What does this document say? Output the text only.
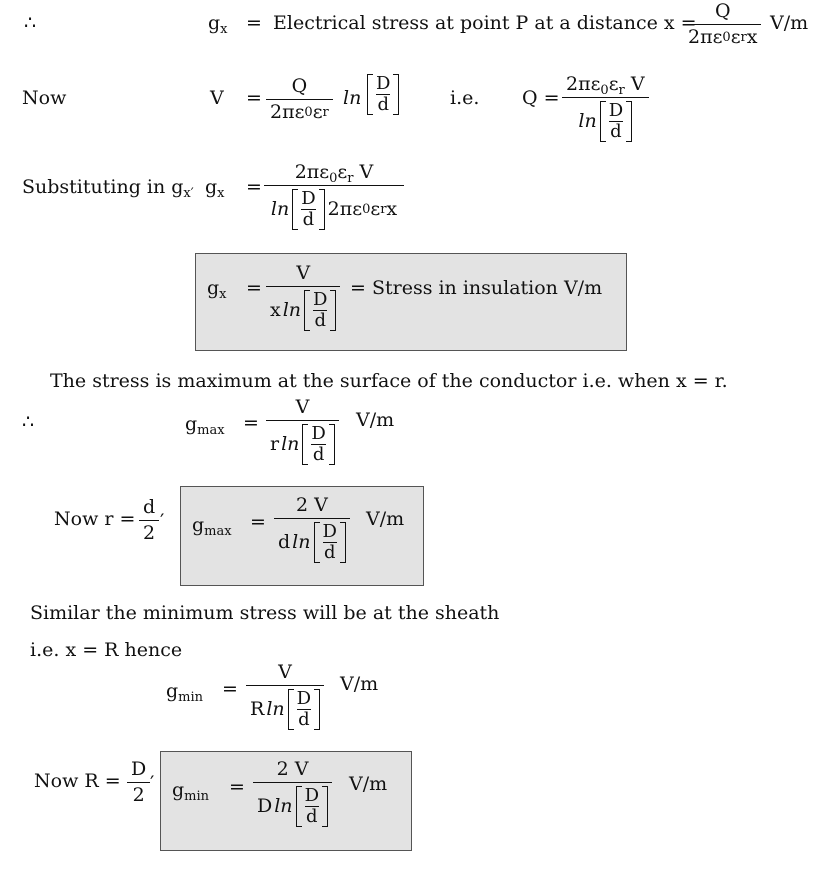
∴	$g_x$ = Electrical stress at point P at a distance x =
Q
2πε 0 ε r x
V/m
Now	V =
Q
2πε 0 ε r
ln
D
d	i.e. Q =
$2\pi\varepsilon_0\varepsilon_r$ V
ln D
d
Substituting in $g_{x'}$ $g_x$ =
$2\pi\varepsilon_0\varepsilon_r$ V
ln D
d 2πε 0 ε r x
$g_x$ =
V
x ln D
d
= Stress in insulation V/m
The stress is maximum at the surface of the conductor i.e. when x = r.
∴	$g_{max}$ =
V
r ln D
d
V/m
Now r =
d
2
′ $g_{max}$ =
2 V
d ln D
d
V/m
Similar the minimum stress will be at the sheath
i.e. x = R hence
$g_{min}$ =
V
R ln D
d
V/m
Now R =
D
2
′ $g_{min}$ =
2 V
D ln D
d
V/m
